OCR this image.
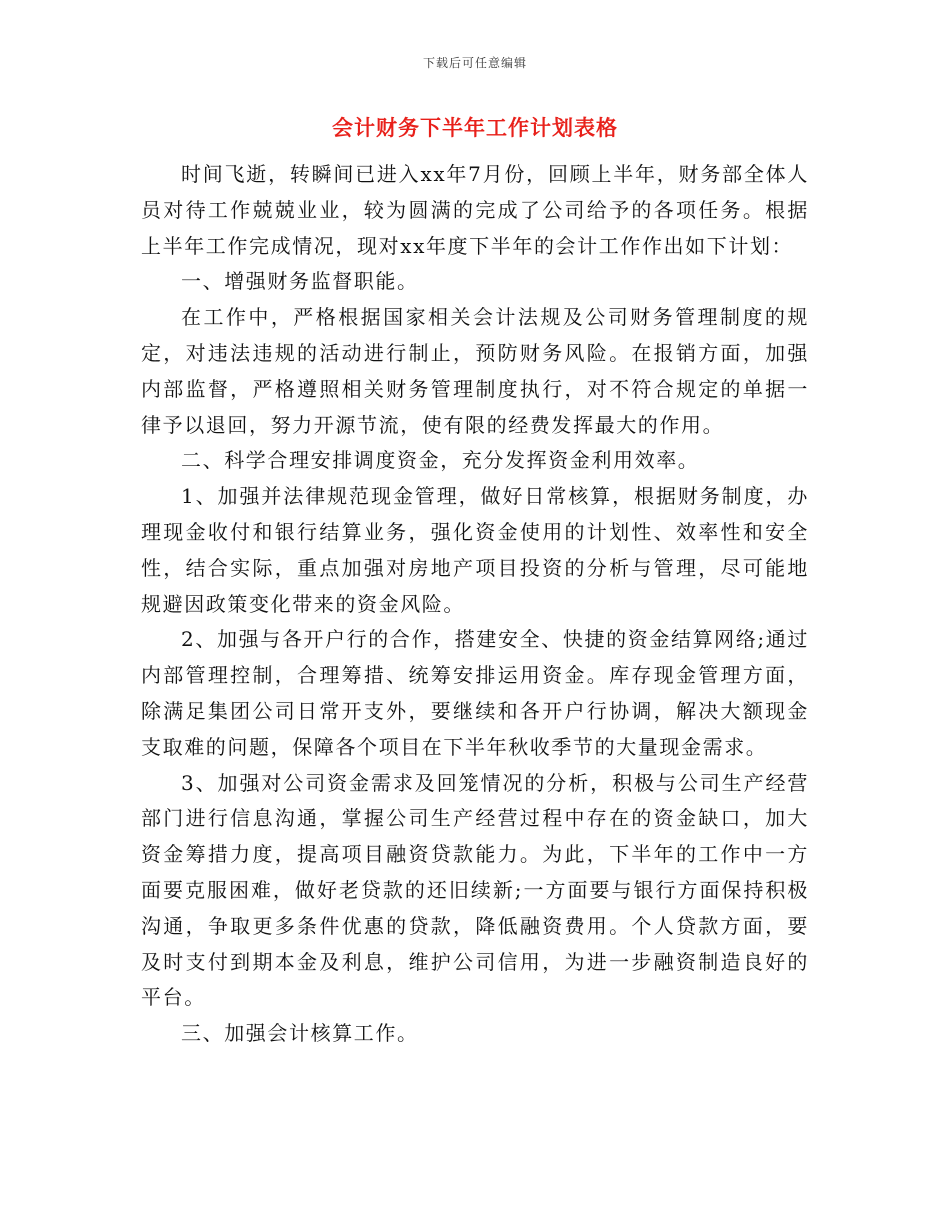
下载后可任意编辑
会计财务下半年工作计划表格

时间飞逝，转瞬间已进入xx年7月份，回顾上半年，财务部全体人员对待工作兢兢业业，较为圆满的完成了公司给予的各项任务。根据上半年工作完成情况，现对xx年度下半年的会计工作作出如下计划：

一、增强财务监督职能。

在工作中，严格根据国家相关会计法规及公司财务管理制度的规定，对违法违规的活动进行制止，预防财务风险。在报销方面，加强内部监督，严格遵照相关财务管理制度执行，对不符合规定的单据一律予以退回，努力开源节流，使有限的经费发挥最大的作用。

二、科学合理安排调度资金，充分发挥资金利用效率。

1、加强并法律规范现金管理，做好日常核算，根据财务制度，办理现金收付和银行结算业务，强化资金使用的计划性、效率性和安全性，结合实际，重点加强对房地产项目投资的分析与管理，尽可能地规避因政策变化带来的资金风险。

2、加强与各开户行的合作，搭建安全、快捷的资金结算网络;通过内部管理控制，合理筹措、统筹安排运用资金。库存现金管理方面，除满足集团公司日常开支外，要继续和各开户行协调，解决大额现金支取难的问题，保障各个项目在下半年秋收季节的大量现金需求。

3、加强对公司资金需求及回笼情况的分析，积极与公司生产经营部门进行信息沟通，掌握公司生产经营过程中存在的资金缺口，加大资金筹措力度，提高项目融资贷款能力。为此，下半年的工作中一方面要克服困难，做好老贷款的还旧续新;一方面要与银行方面保持积极沟通，争取更多条件优惠的贷款，降低融资费用。个人贷款方面，要及时支付到期本金及利息，维护公司信用，为进一步融资制造良好的平台。

三、加强会计核算工作。
